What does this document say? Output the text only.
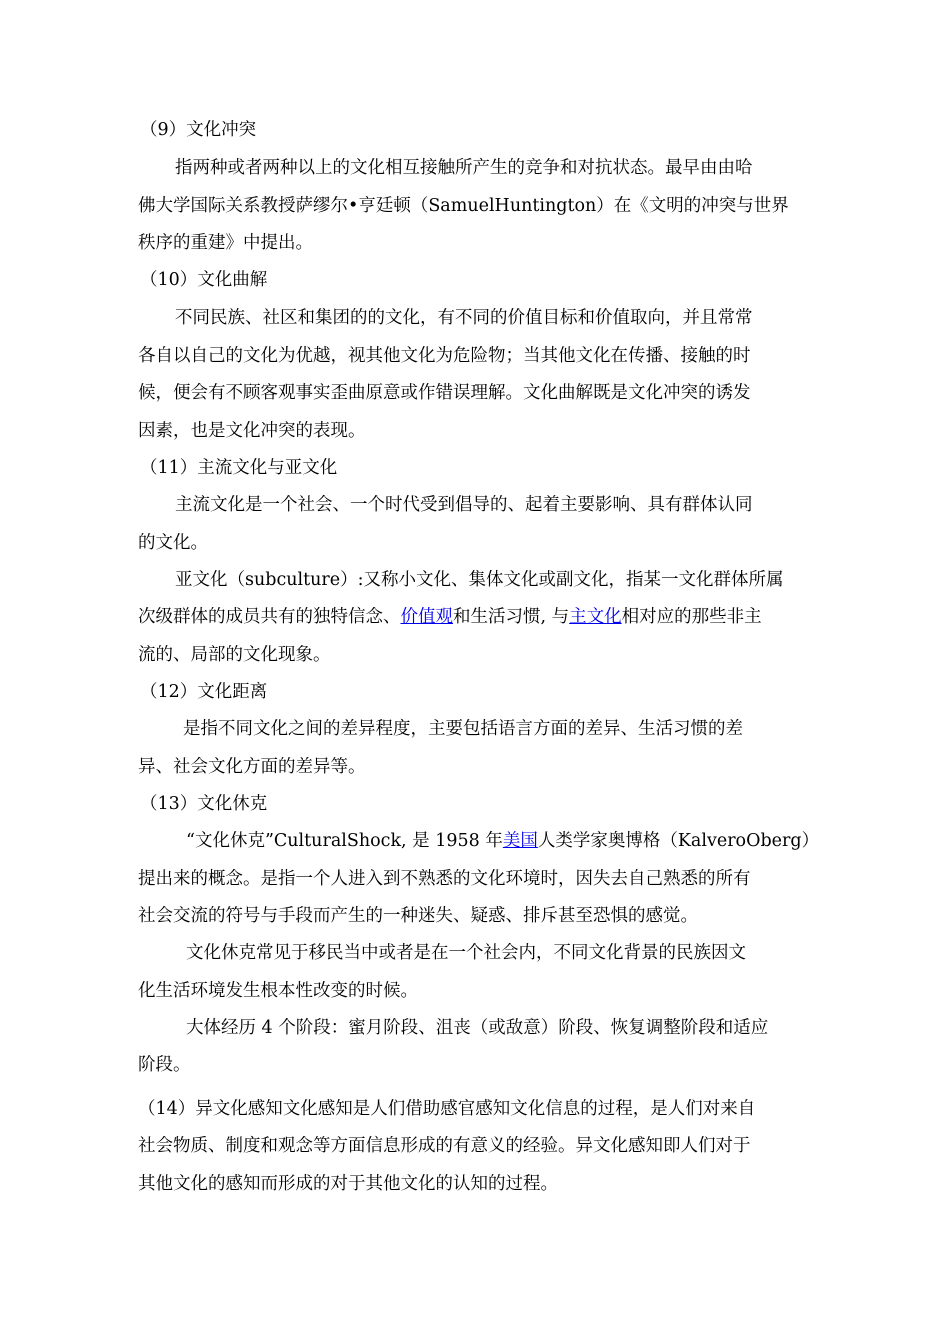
（9）文化冲突
指两种或者两种以上的文化相互接触所产生的竞争和对抗状态。最早由由哈
佛大学国际关系教授萨缪尔•亨廷顿（SamuelHuntington）在《文明的冲突与世界
秩序的重建》中提出。
（10）文化曲解
不同民族、社区和集团的的文化，有不同的价值目标和价值取向，并且常常
各自以自己的文化为优越，视其他文化为危险物；当其他文化在传播、接触的时
候，便会有不顾客观事实歪曲原意或作错误理解。文化曲解既是文化冲突的诱发
因素，也是文化冲突的表现。
（11）主流文化与亚文化
主流文化是一个社会、一个时代受到倡导的、起着主要影响、具有群体认同
的文化。
亚文化（subculture）:又称小文化、集体文化或副文化，指某一文化群体所属
次级群体的成员共有的独特信念、价值观和生活习惯, 与主文化相对应的那些非主
流的、局部的文化现象。
（12）文化距离
是指不同文化之间的差异程度，主要包括语言方面的差异、生活习惯的差
异、社会文化方面的差异等。
（13）文化休克
“文化休克”CulturalShock, 是 1958 年美国人类学家奥博格（KalveroOberg）
提出来的概念。是指一个人进入到不熟悉的文化环境时，因失去自己熟悉的所有
社会交流的符号与手段而产生的一种迷失、疑惑、排斥甚至恐惧的感觉。
文化休克常见于移民当中或者是在一个社会内，不同文化背景的民族因文
化生活环境发生根本性改变的时候。
大体经历 4 个阶段：蜜月阶段、沮丧（或敌意）阶段、恢复调整阶段和适应
阶段。
（14）异文化感知文化感知是人们借助感官感知文化信息的过程，是人们对来自
社会物质、制度和观念等方面信息形成的有意义的经验。异文化感知即人们对于
其他文化的感知而形成的对于其他文化的认知的过程。
